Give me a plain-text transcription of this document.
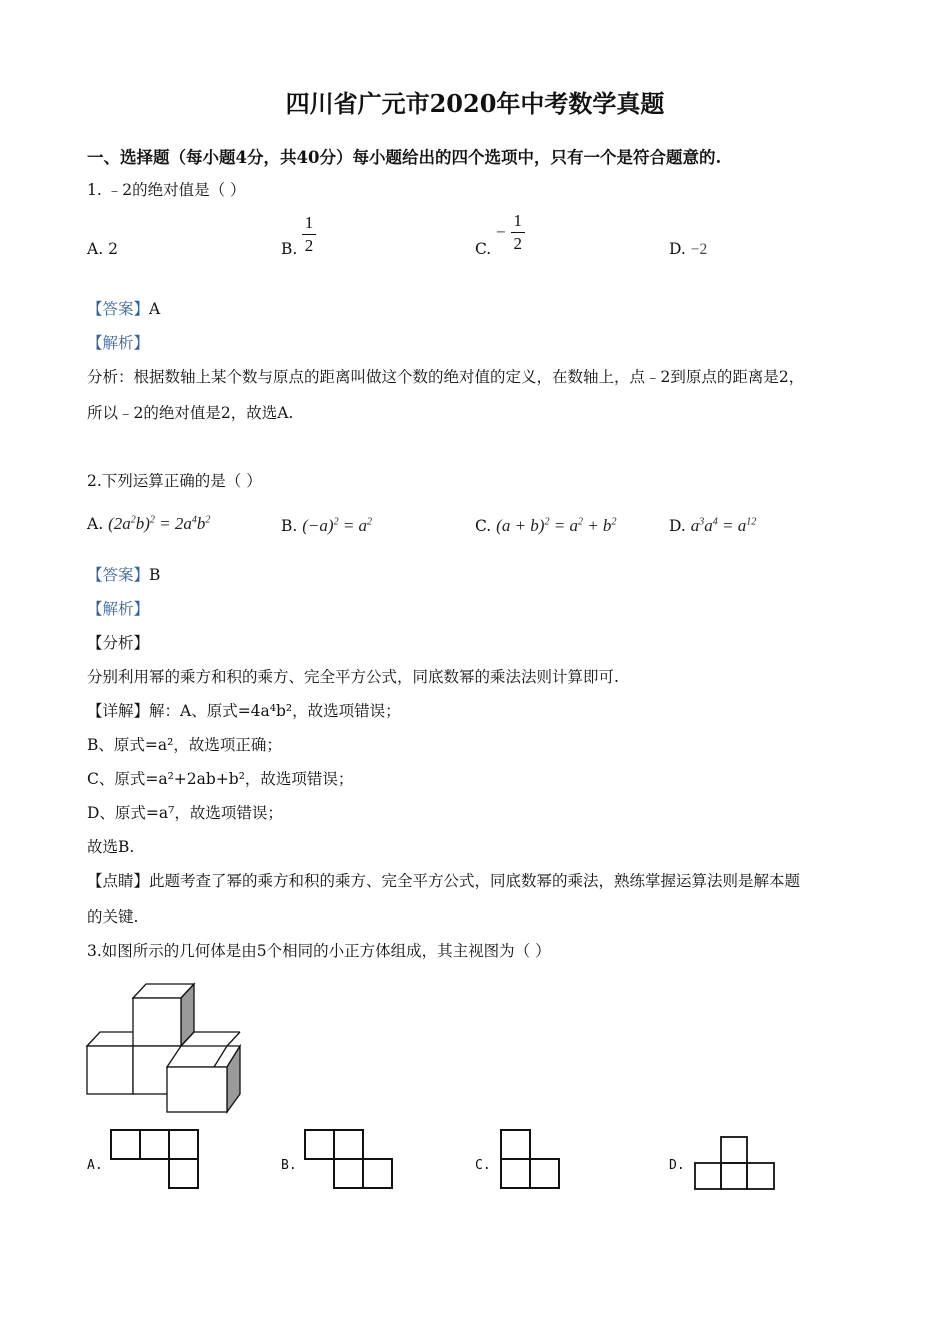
四川省广元市2020年中考数学真题
一、选择题（每小题4分，共40分）每小题给出的四个选项中，只有一个是符合题意的.
1. ﹣2的绝对值是（ ）
A. 2	B. $\frac{1}{2}$	C.
− $\frac{1}{2}$	D. −2
【答案】A
【解析】
分析：根据数轴上某个数与原点的距离叫做这个数的绝对值的定义，在数轴上，点﹣2到原点的距离是2，
所以﹣2的绝对值是2，故选A.
2.下列运算正确的是（ ）
A. $(2a^2b)^2 = 2a^4b^2$	B. $(-a)^2 = a^2$	C. $(a + b)^2 = a^2 + b^2$	D. $a^3a^4 = a^{12}$
【答案】B
【解析】
【分析】
分别利用幂的乘方和积的乘方、完全平方公式，同底数幂的乘法法则计算即可.
【详解】解：A、原式=4a⁴b²，故选项错误；
B、原式=a²，故选项正确；
C、原式=a²+2ab+b²，故选项错误；
D、原式=a⁷，故选项错误；
故选B.
【点睛】此题考查了幂的乘方和积的乘方、完全平方公式，同底数幂的乘法，熟练掌握运算法则是解本题
的关键.
3.如图所示的几何体是由5个相同的小正方体组成，其主视图为（ ）
A.	B.	C.	D.
